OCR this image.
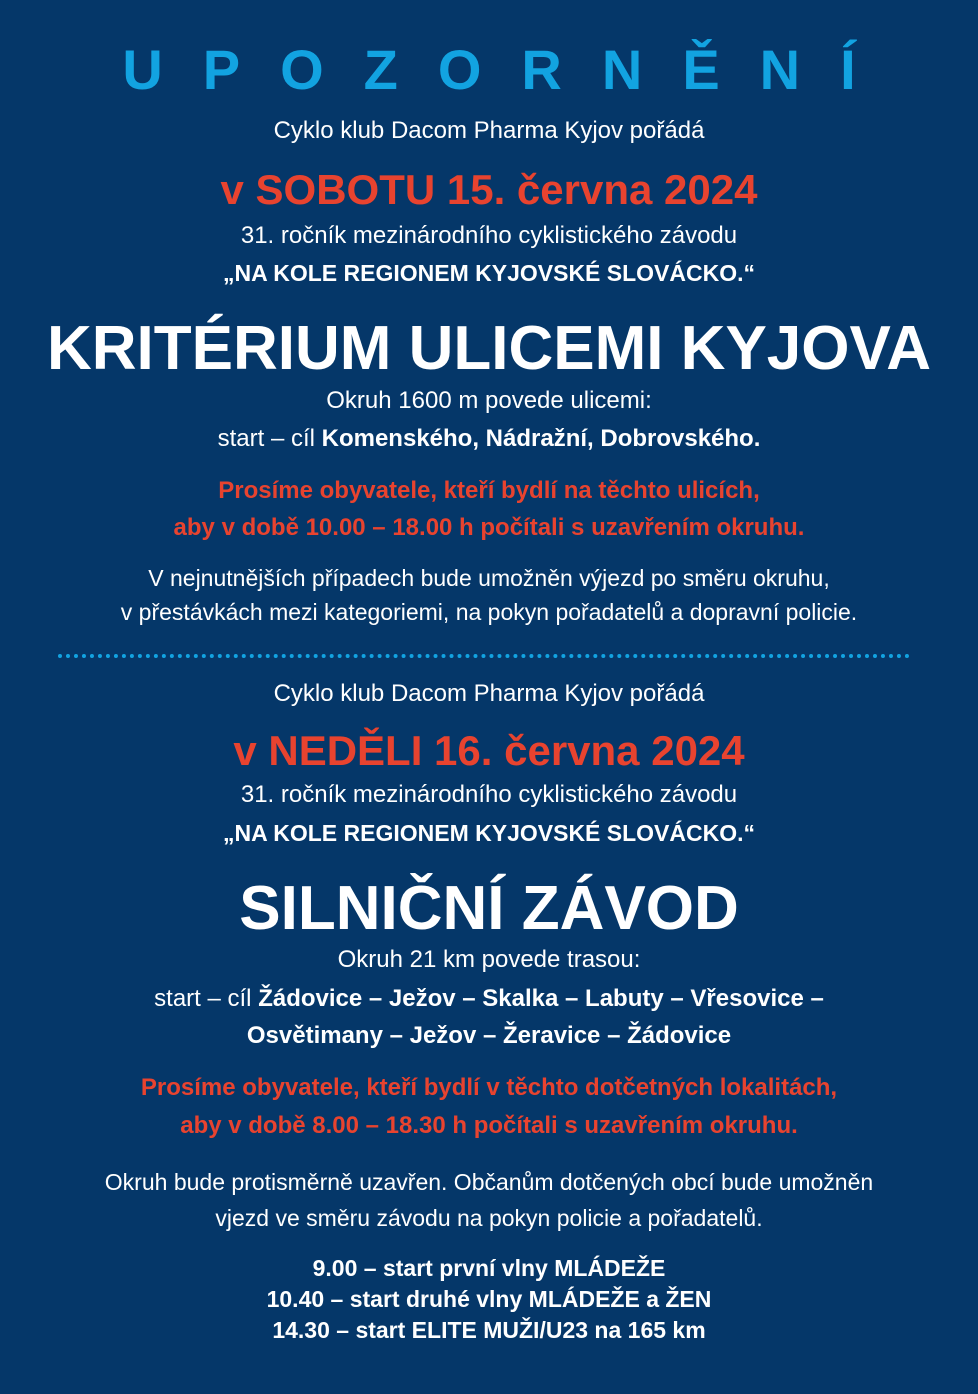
UPOZORNĚNÍ

Cyklo klub Dacom Pharma Kyjov pořádá

v SOBOTU 15. června 2024

31. ročník mezinárodního cyklistického závodu

„NA KOLE REGIONEM KYJOVSKÉ SLOVÁCKO.“

KRITÉRIUM ULICEMI KYJOVA

Okruh 1600 m povede ulicemi:

start – cíl Komenského, Nádražní, Dobrovského.

Prosíme obyvatele, kteří bydlí na těchto ulicích,

aby v době 10.00 – 18.00 h počítali s uzavřením okruhu.

V nejnutnějších případech bude umožněn výjezd po směru okruhu,

v přestávkách mezi kategoriemi, na pokyn pořadatelů a dopravní policie.

Cyklo klub Dacom Pharma Kyjov pořádá

v NEDĚLI 16. června 2024

31. ročník mezinárodního cyklistického závodu

„NA KOLE REGIONEM KYJOVSKÉ SLOVÁCKO.“

SILNIČNÍ ZÁVOD

Okruh 21 km povede trasou:

start – cíl Žádovice – Ježov – Skalka – Labuty – Vřesovice –

Osvětimany – Ježov – Žeravice – Žádovice

Prosíme obyvatele, kteří bydlí v těchto dotčetných lokalitách,

aby v době 8.00 – 18.30 h počítali s uzavřením okruhu.

Okruh bude protisměrně uzavřen. Občanům dotčených obcí bude umožněn

vjezd ve směru závodu na pokyn policie a pořadatelů.

9.00 – start první vlny MLÁDEŽE

10.40 – start druhé vlny MLÁDEŽE a ŽEN

14.30 – start ELITE MUŽI/U23 na 165 km
